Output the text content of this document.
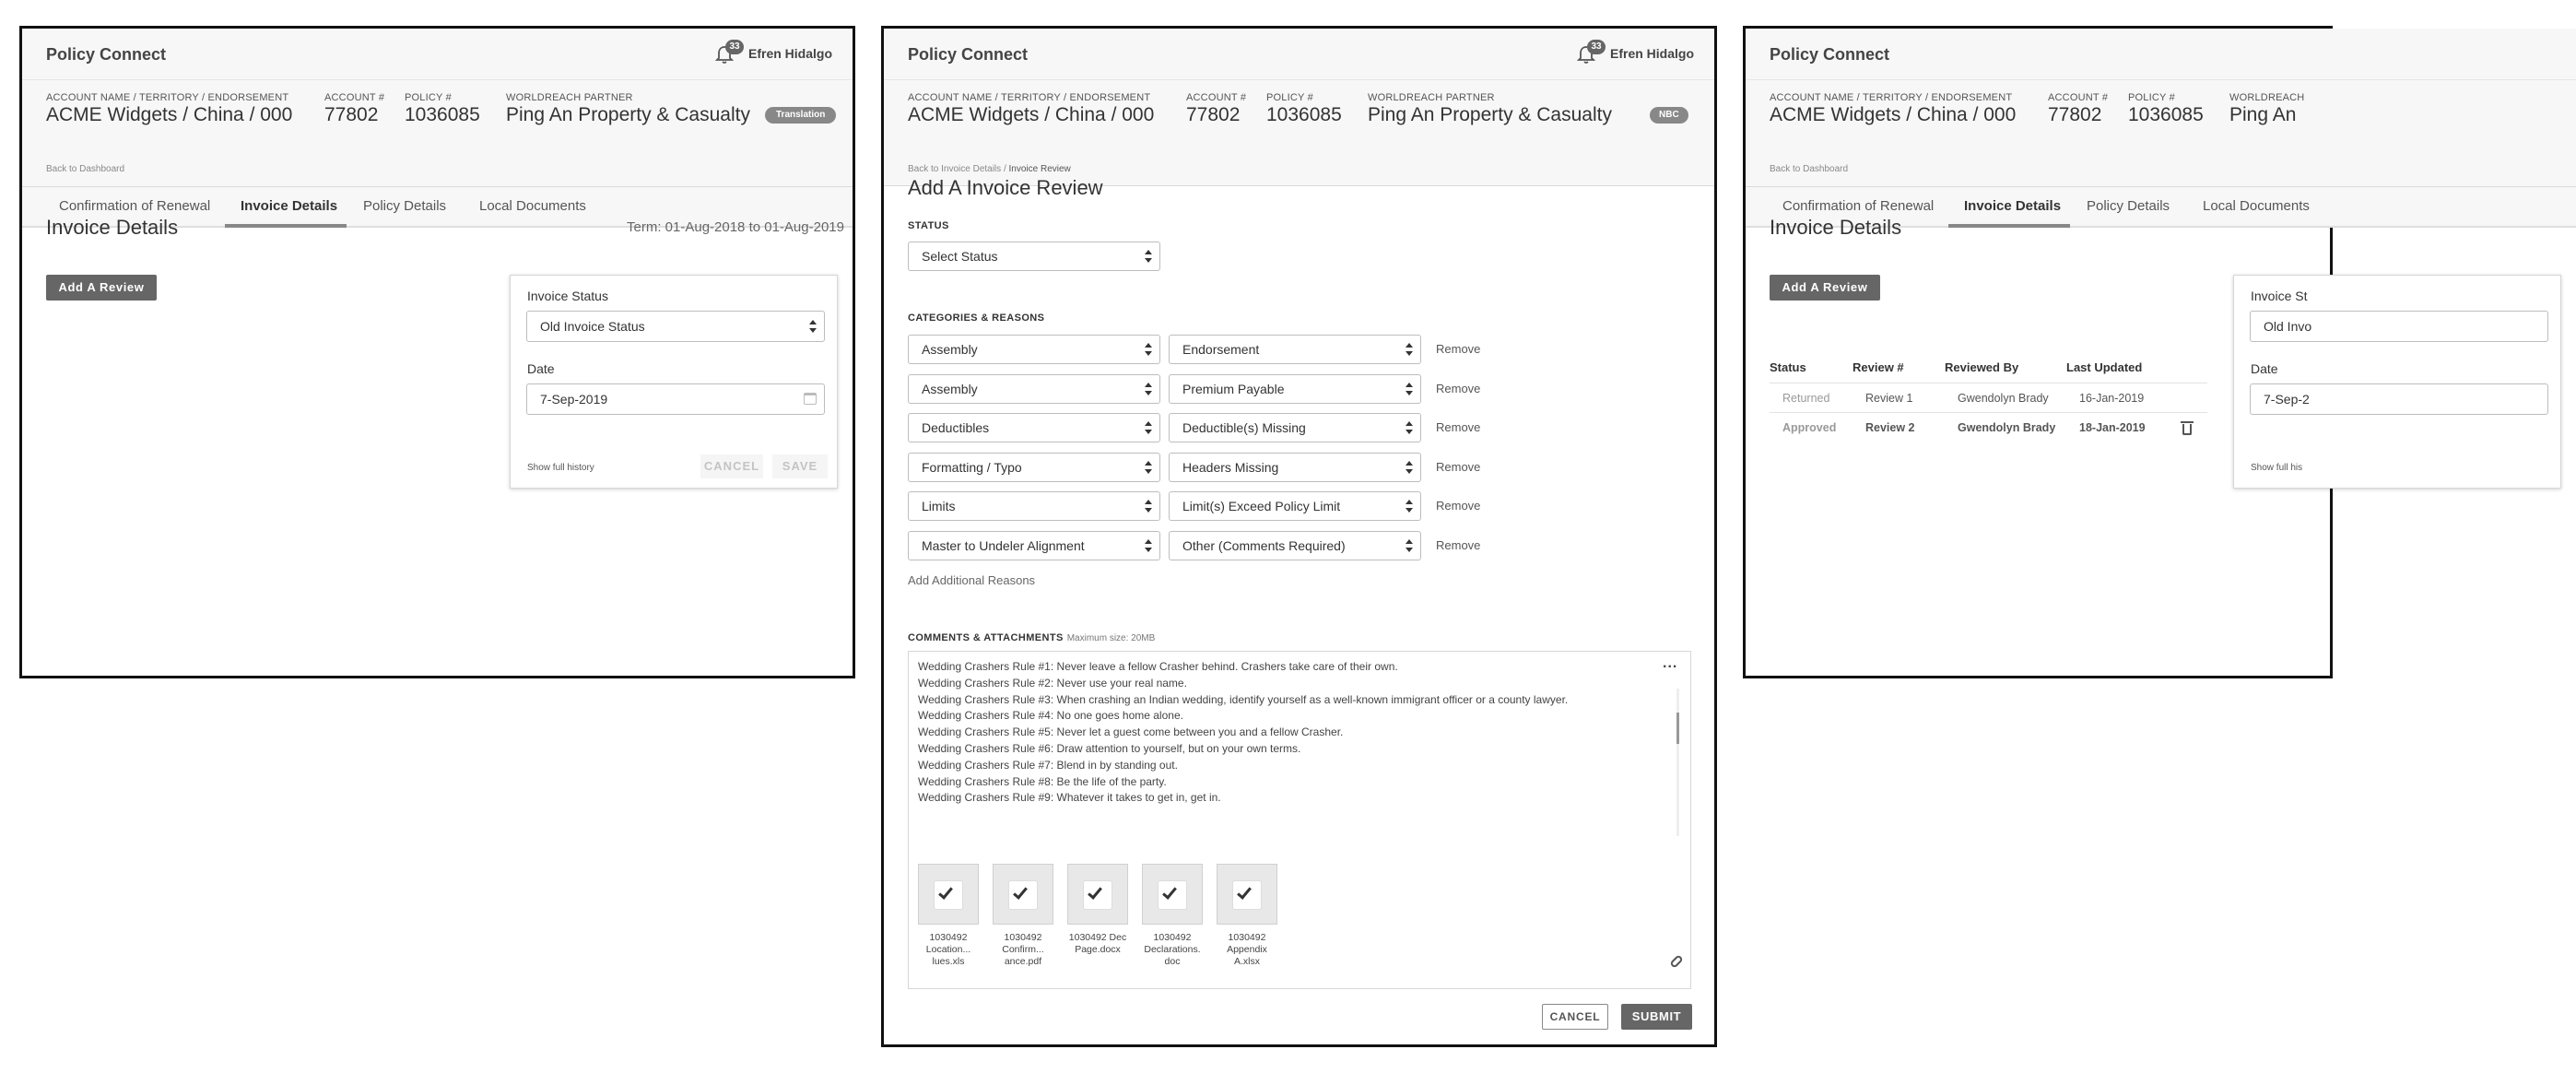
Policy Connect	33 Efren Hidalgo
ACCOUNT NAME / TERRITORY / ENDORSEMENT
ACME Widgets / China / 000
ACCOUNT #
77802
POLICY #
1036085
WORLDREACH PARTNER
Ping An Property & Casualty	Translation
Back to Dashboard
Confirmation of Renewal Invoice Details Policy Details Local Documents
Invoice Details	Term: 01-Aug-2018 to 01-Aug-2019
Add A Review
Invoice Status
Old Invoice Status
Date
7-Sep-2019
Show full history	CANCEL	SAVE
Policy Connect	33 Efren Hidalgo
ACCOUNT NAME / TERRITORY / ENDORSEMENT
ACME Widgets / China / 000
ACCOUNT #
77802
POLICY #
1036085
WORLDREACH PARTNER
Ping An Property & Casualty	NBC
Back to Invoice Details / Invoice Review
Add A Invoice Review
STATUS
Select Status
CATEGORIES & REASONS
Assembly	Endorsement	Remove
Assembly	Premium Payable	Remove
Deductibles	Deductible(s) Missing	Remove
Formatting / Typo	Headers Missing	Remove
Limits	Limit(s) Exceed Policy Limit	Remove
Master to Undeler Alignment	Other (Comments Required)	Remove
Add Additional Reasons
COMMENTS & ATTACHMENTS Maximum size: 20MB
Wedding Crashers Rule #1: Never leave a fellow Crasher behind. Crashers take care of their own.
Wedding Crashers Rule #2: Never use your real name.
Wedding Crashers Rule #3: When crashing an Indian wedding, identify yourself as a well-known immigrant officer or a county lawyer.
Wedding Crashers Rule #4: No one goes home alone.
Wedding Crashers Rule #5: Never let a guest come between you and a fellow Crasher.
Wedding Crashers Rule #6: Draw attention to yourself, but on your own terms.
Wedding Crashers Rule #7: Blend in by standing out.
Wedding Crashers Rule #8: Be the life of the party.
Wedding Crashers Rule #9: Whatever it takes to get in, get in.
...
1030492
Location...
lues.xls
1030492
Confirm...
ance.pdf
1030492 Dec
Page.docx
1030492
Declarations.
doc
1030492
Appendix
A.xlsx
CANCEL	SUBMIT
Policy Connect
ACCOUNT NAME / TERRITORY / ENDORSEMENT
ACME Widgets / China / 000
ACCOUNT #
77802
POLICY #
1036085
WORLDREACH
Ping An
Back to Dashboard
Confirmation of Renewal Invoice Details Policy Details Local Documents
Invoice Details
Add A Review
Status	Review #	Reviewed By	Last Updated
Returned	Review 1	Gwendolyn Brady	16-Jan-2019
Approved	Review 2	Gwendolyn Brady 18-Jan-2019
Invoice St
Old Invo
Date
7-Sep-2
Show full his
